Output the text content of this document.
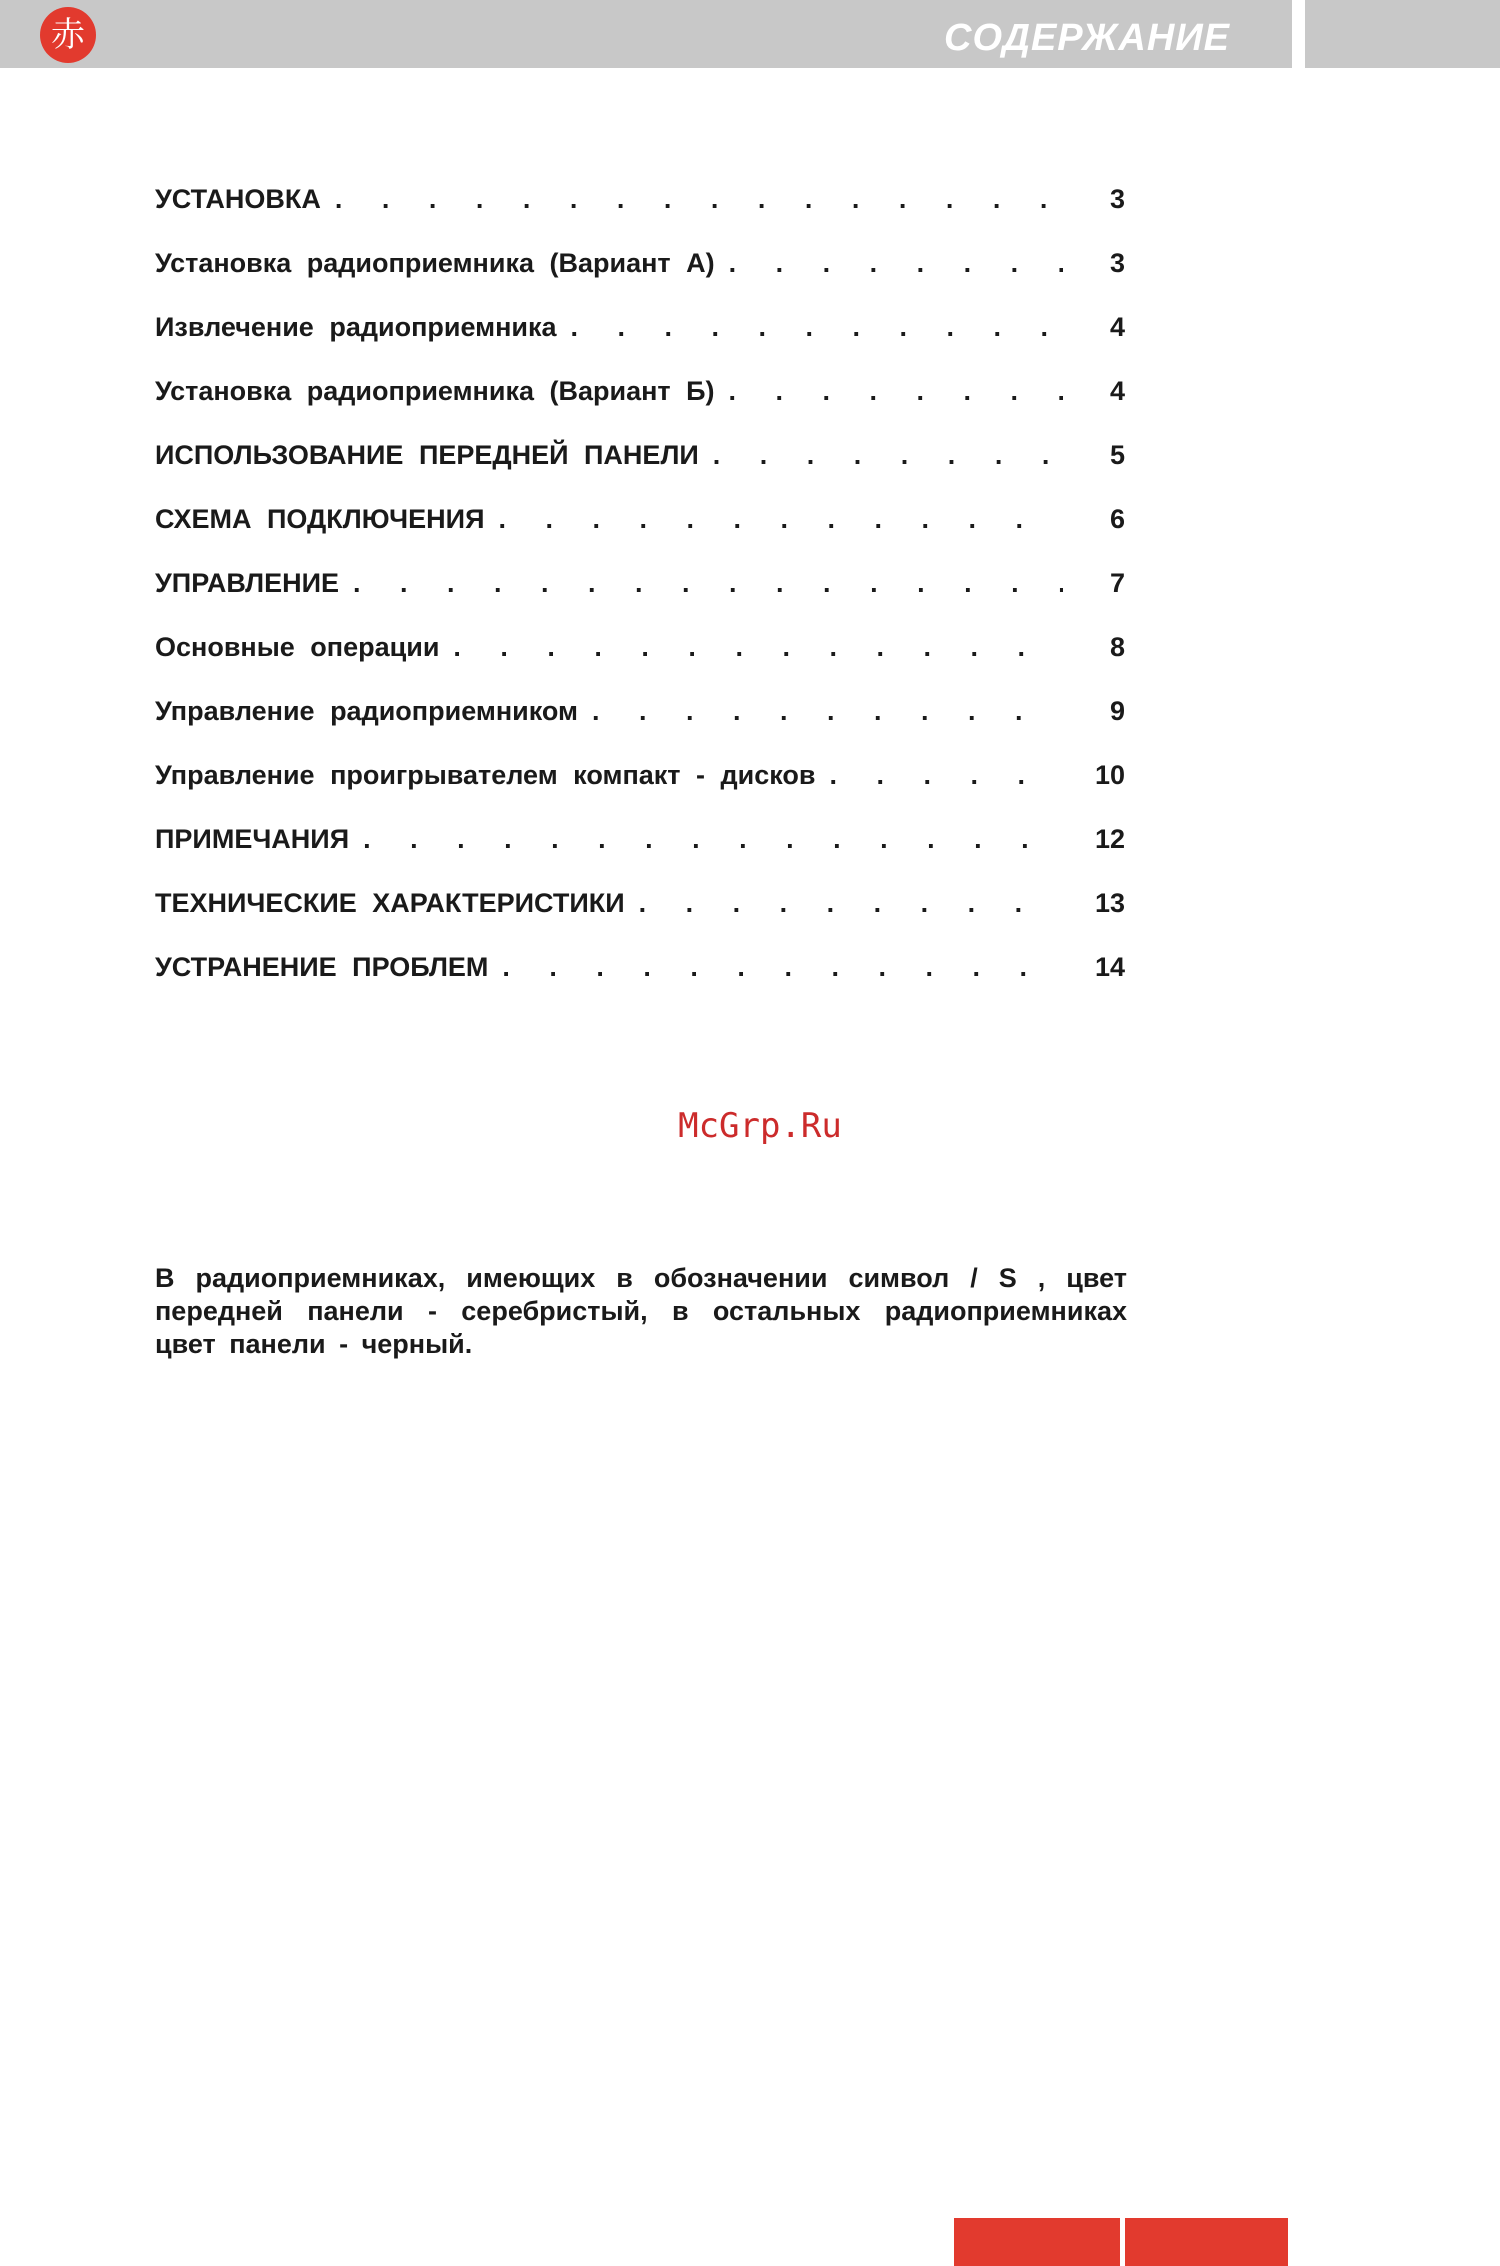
赤	СОДЕРЖАНИЕ
УСТАНОВКА . . .	3
Установка радиоприемника (Вариант А) . . .	3
Извлечение радиоприемника . . .	4
Установка радиоприемника (Вариант Б) . . .	4
ИСПОЛЬЗОВАНИЕ ПЕРЕДНЕЙ ПАНЕЛИ . . .	5
СХЕМА ПОДКЛЮЧЕНИЯ . . .	6
УПРАВЛЕНИЕ . . .	7
Основные операции . . .	8
Управление радиоприемником . . .	9
Управление проигрывателем компакт - дисков . . .	10
ПРИМЕЧАНИЯ . . .	12
ТЕХНИЧЕСКИЕ ХАРАКТЕРИСТИКИ . . .	13
УСТРАНЕНИЕ ПРОБЛЕМ . . .	14
McGrp.Ru
В радиоприемниках, имеющих в обозначении символ / S , цвет передней панели - серебристый, в остальных радиоприемниках цвет панели - черный.
